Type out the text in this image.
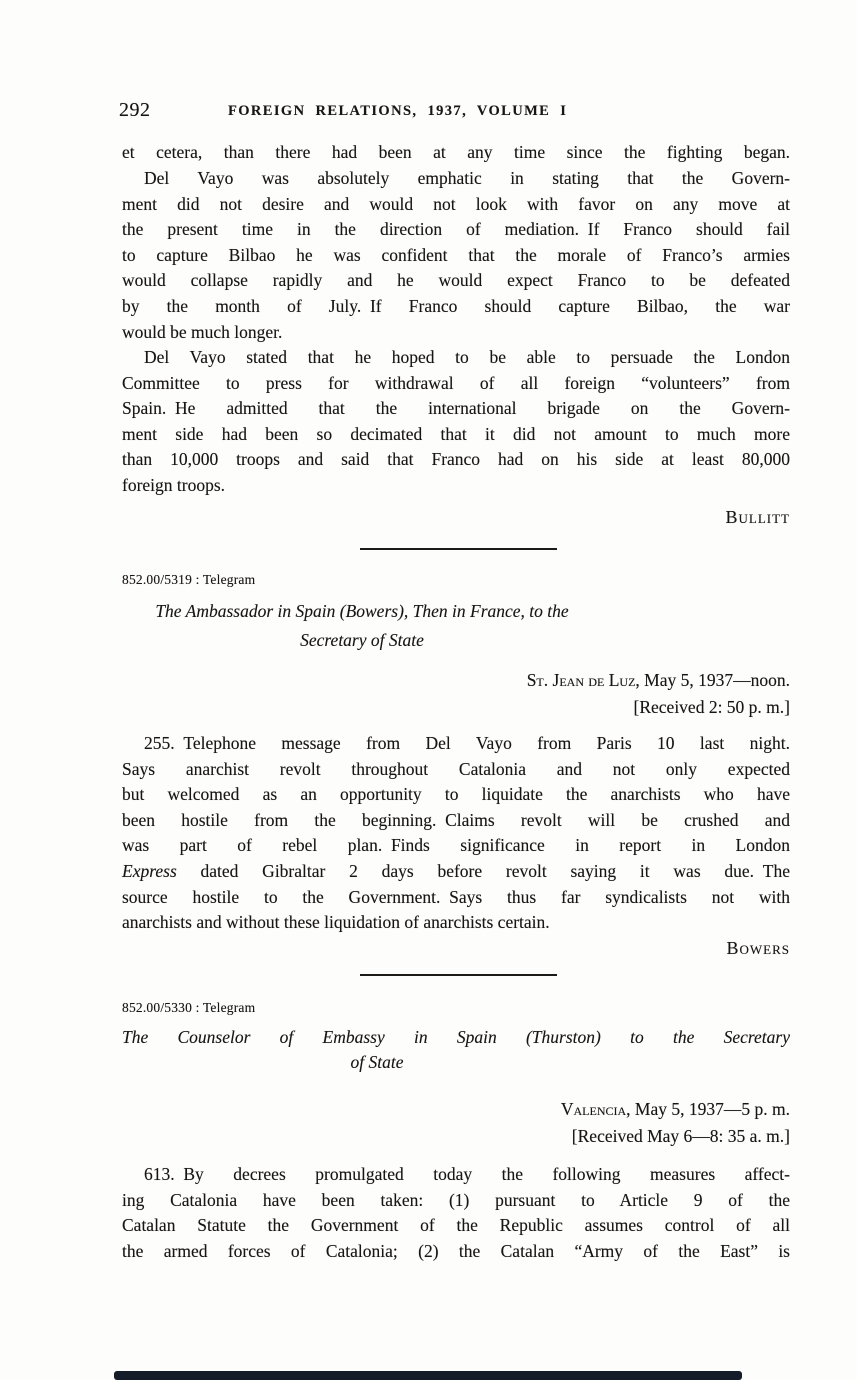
292	FOREIGN RELATIONS, 1937, VOLUME I
et cetera, than there had been at any time since the fighting began.
Del Vayo was absolutely emphatic in stating that the Govern-
ment did not desire and would not look with favor on any move at
the present time in the direction of mediation. If Franco should fail
to capture Bilbao he was confident that the morale of Franco’s armies
would collapse rapidly and he would expect Franco to be defeated
by the month of July. If Franco should capture Bilbao, the war
would be much longer.
Del Vayo stated that he hoped to be able to persuade the London
Committee to press for withdrawal of all foreign “volunteers” from
Spain. He admitted that the international brigade on the Govern-
ment side had been so decimated that it did not amount to much more
than 10,000 troops and said that Franco had on his side at least 80,000
foreign troops.
Bullitt
852.00/5319 : Telegram
The Ambassador in Spain (Bowers), Then in France, to the
Secretary of State
St. Jean de Luz, May 5, 1937—noon.
[Received 2: 50 p. m.]
255. Telephone message from Del Vayo from Paris 10 last night.
Says anarchist revolt throughout Catalonia and not only expected
but welcomed as an opportunity to liquidate the anarchists who have
been hostile from the beginning. Claims revolt will be crushed and
was part of rebel plan. Finds significance in report in London
Express dated Gibraltar 2 days before revolt saying it was due. The
source hostile to the Government. Says thus far syndicalists not with
anarchists and without these liquidation of anarchists certain.
Bowers
852.00/5330 : Telegram
The Counselor of Embassy in Spain (Thurston) to the Secretary
of State
Valencia, May 5, 1937—5 p. m.
[Received May 6—8: 35 a. m.]
613. By decrees promulgated today the following measures affect-
ing Catalonia have been taken: (1) pursuant to Article 9 of the
Catalan Statute the Government of the Republic assumes control of all
the armed forces of Catalonia; (2) the Catalan “Army of the East” is
